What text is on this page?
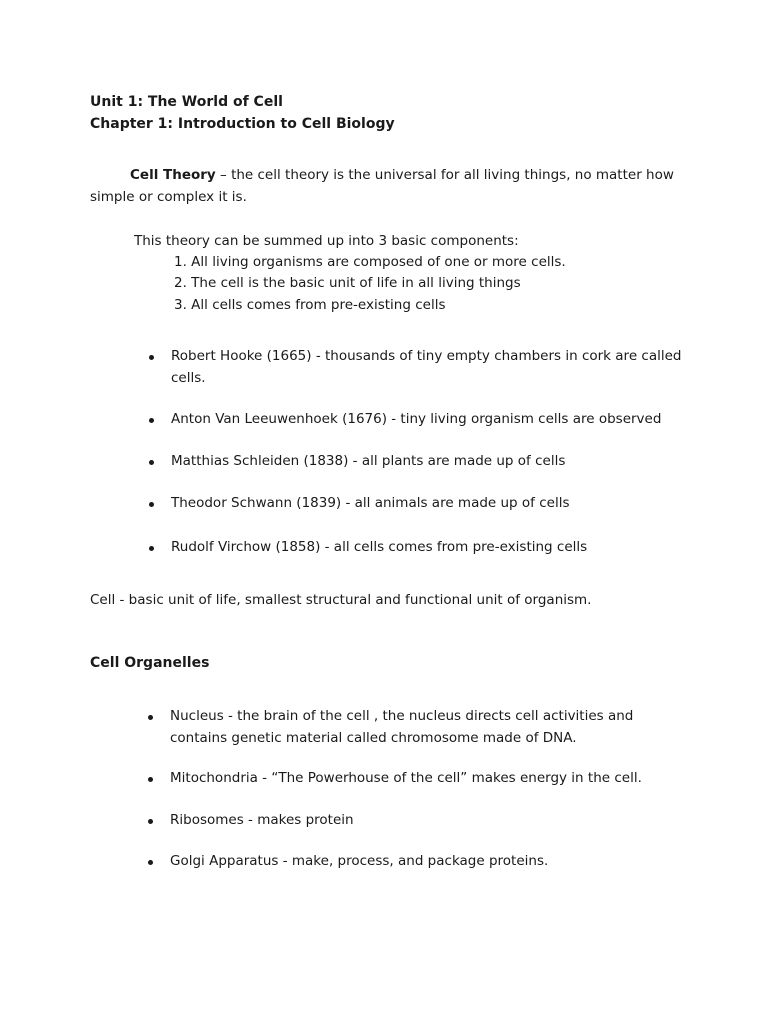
Unit 1: The World of Cell
Chapter 1: Introduction to Cell Biology
Cell Theory – the cell theory is the universal for all living things, no matter how
simple or complex it is.
This theory can be summed up into 3 basic components:
1. All living organisms are composed of one or more cells.
2. The cell is the basic unit of life in all living things
3. All cells comes from pre-existing cells
Robert Hooke (1665) - thousands of tiny empty chambers in cork are called
cells.
Anton Van Leeuwenhoek (1676) - tiny living organism cells are observed
Matthias Schleiden (1838) - all plants are made up of cells
Theodor Schwann (1839) - all animals are made up of cells
Rudolf Virchow (1858) - all cells comes from pre-existing cells
Cell - basic unit of life, smallest structural and functional unit of organism.
Cell Organelles
Nucleus - the brain of the cell , the nucleus directs cell activities and
contains genetic material called chromosome made of DNA.
Mitochondria - “The Powerhouse of the cell” makes energy in the cell.
Ribosomes - makes protein
Golgi Apparatus - make, process, and package proteins.
